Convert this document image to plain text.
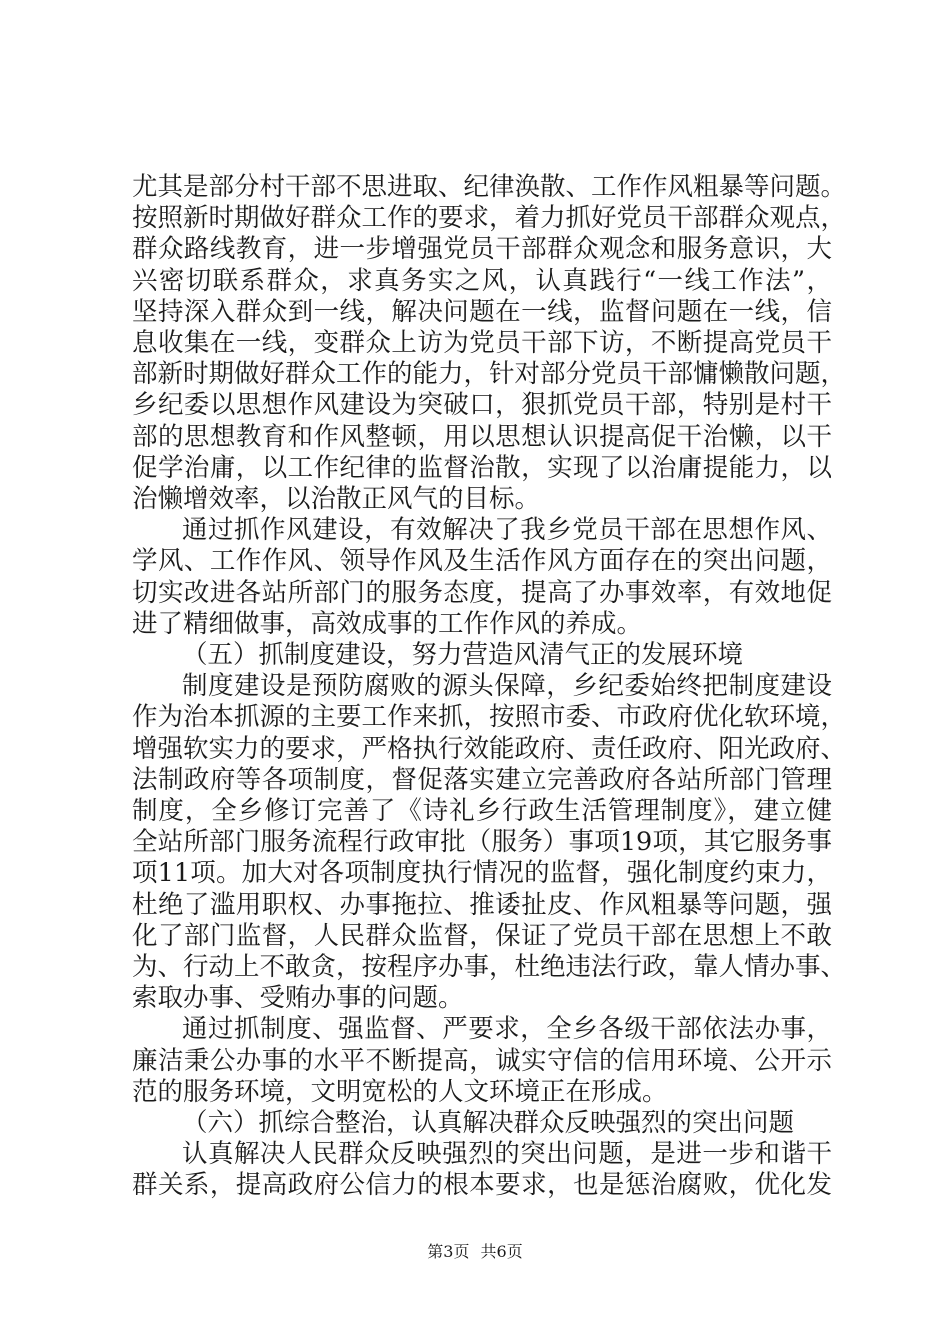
尤其是部分村干部不思进取、纪律涣散、工作作风粗暴等问题。
按照新时期做好群众工作的要求，着力抓好党员干部群众观点，
群众路线教育，进一步增强党员干部群众观念和服务意识，大
兴密切联系群众，求真务实之风，认真践行“一线工作法”，
坚持深入群众到一线，解决问题在一线，监督问题在一线，信
息收集在一线，变群众上访为党员干部下访，不断提高党员干
部新时期做好群众工作的能力，针对部分党员干部慵懒散问题，
乡纪委以思想作风建设为突破口，狠抓党员干部，特别是村干
部的思想教育和作风整顿，用以思想认识提高促干治懒，以干
促学治庸，以工作纪律的监督治散，实现了以治庸提能力，以
治懒增效率，以治散正风气的目标。
通过抓作风建设，有效解决了我乡党员干部在思想作风、
学风、工作作风、领导作风及生活作风方面存在的突出问题，
切实改进各站所部门的服务态度，提高了办事效率，有效地促
进了精细做事，高效成事的工作作风的养成。
（五）抓制度建设，努力营造风清气正的发展环境
制度建设是预防腐败的源头保障，乡纪委始终把制度建设
作为治本抓源的主要工作来抓，按照市委、市政府优化软环境，
增强软实力的要求，严格执行效能政府、责任政府、阳光政府、
法制政府等各项制度，督促落实建立完善政府各站所部门管理
制度，全乡修订完善了《诗礼乡行政生活管理制度》，建立健
全站所部门服务流程行政审批（服务）事项19项，其它服务事
项11项。加大对各项制度执行情况的监督，强化制度约束力，
杜绝了滥用职权、办事拖拉、推诿扯皮、作风粗暴等问题，强
化了部门监督，人民群众监督，保证了党员干部在思想上不敢
为、行动上不敢贪，按程序办事，杜绝违法行政，靠人情办事、
索取办事、受贿办事的问题。
通过抓制度、强监督、严要求，全乡各级干部依法办事，
廉洁秉公办事的水平不断提高，诚实守信的信用环境、公开示
范的服务环境，文明宽松的人文环境正在形成。
（六）抓综合整治，认真解决群众反映强烈的突出问题
认真解决人民群众反映强烈的突出问题，是进一步和谐干
群关系，提高政府公信力的根本要求，也是惩治腐败，优化发
第3页 共6页
